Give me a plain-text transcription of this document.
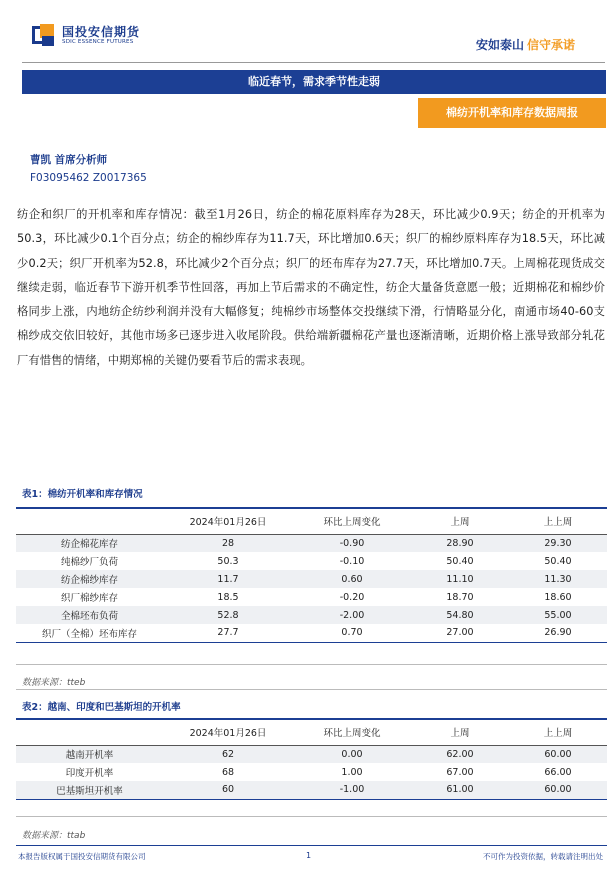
国投安信期货
SDIC ESSENCE FUTURES	安如泰山 信守承诺
临近春节，需求季节性走弱
棉纺开机率和库存数据周报
曹凯 首席分析师
F03095462 Z0017365
纺企和织厂的开机率和库存情况：截至1月26日，纺企的棉花原料库存为28天，环比减少0.9天；纺企的开机率为50.3，环比减少0.1个百分点；纺企的棉纱库存为11.7天，环比增加0.6天；织厂的棉纱原料库存为18.5天，环比减少0.2天；织厂开机率为52.8，环比减少2个百分点；织厂的坯布库存为27.7天，环比增加0.7天。上周棉花现货成交继续走弱，临近春节下游开机季节性回落，再加上节后需求的不确定性，纺企大量备货意愿一般；近期棉花和棉纱价格同步上涨，内地纺企纺纱利润并没有大幅修复；纯棉纱市场整体交投继续下滑，行情略显分化，南通市场40-60支棉纱成交依旧较好，其他市场多已逐步进入收尾阶段。供给端新疆棉花产量也逐渐清晰，近期价格上涨导致部分轧花厂有惜售的情绪，中期郑棉的关键仍要看节后的需求表现。
表1：棉纺开机率和库存情况
	2024年01月26日	环比上周变化	上周	上上周
纺企棉花库存	28	-0.90	28.90	29.30
纯棉纱厂负荷	50.3	-0.10	50.40	50.40
纺企棉纱库存	11.7	0.60	11.10	11.30
织厂棉纱库存	18.5	-0.20	18.70	18.60
全棉坯布负荷	52.8	-2.00	54.80	55.00
织厂（全棉）坯布库存	27.7	0.70	27.00	26.90
数据来源：tteb
表2：越南、印度和巴基斯坦的开机率
	2024年01月26日	环比上周变化	上周	上上周
越南开机率	62	0.00	62.00	60.00
印度开机率	68	1.00	67.00	66.00
巴基斯坦开机率	60	-1.00	61.00	60.00
数据来源：ttab
本报告版权属于国投安信期货有限公司	1	不可作为投资依据，转载请注明出处
